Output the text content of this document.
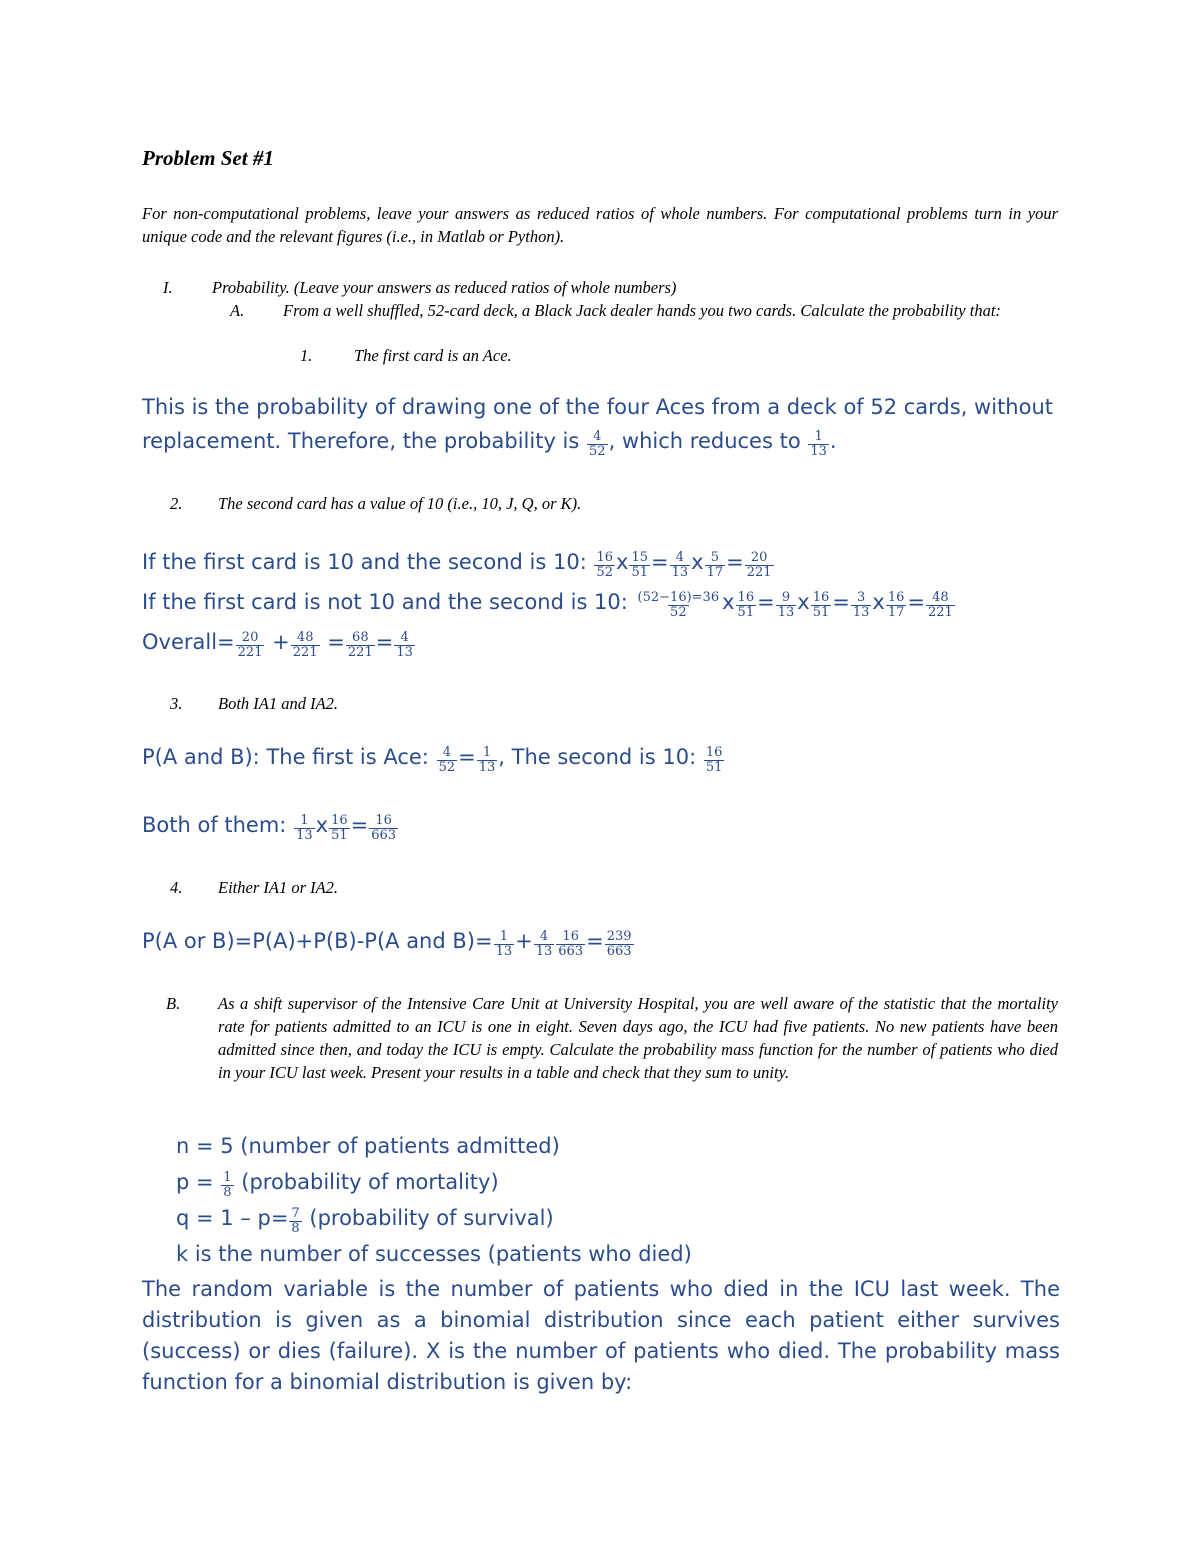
Problem Set #1
For non-computational problems, leave your answers as reduced ratios of whole numbers. For computational problems turn in your unique code and the relevant figures (i.e., in Matlab or Python).
I. Probability. (Leave your answers as reduced ratios of whole numbers)
A. From a well shuffled, 52-card deck, a Black Jack dealer hands you two cards. Calculate the probability that:
1.	The first card is an Ace.
This is the probability of drawing one of the four Aces from a deck of 52 cards, without
replacement. Therefore, the probability is $\frac{4}{52}$ , which reduces to $\frac{1}{13}$ .
2. The second card has a value of 10 (i.e., 10, J, Q, or K).
If the first card is 10 and the second is 10: $\frac{16}{52}$ x $\frac{15}{51} = \frac{4}{13}$ x $\frac{5}{17} = \frac{20}{221}$
If the first card is not 10 and the second is 10: $\frac{(52-16)=36}{52}$ x $\frac{16}{51} = \frac{9}{13}$ x $\frac{16}{51} = \frac{3}{13}$ x $\frac{16}{17} = \frac{48}{221}$
Overall= $\frac{20}{221} + \frac{48}{221} = \frac{68}{221} = \frac{4}{13}$
3. Both IA1 and IA2.
P(A and B): The first is Ace: $\frac{4}{52} = \frac{1}{13}$ , The second is 10: $\frac{16}{51}$
Both of them: $\frac{1}{13}$ x $\frac{16}{51} = \frac{16}{663}$
4. Either IA1 or IA2.
P(A or B)=P(A)+P(B)-P(A and $B)= \frac{1}{13} + \frac{4}{13} \frac{16}{663} = \frac{239}{663}$
B. As a shift supervisor of the Intensive Care Unit at University Hospital, you are well aware of the statistic that the mortality rate for patients admitted to an ICU is one in eight. Seven days ago, the ICU had five patients. No new patients have been admitted since then, and today the ICU is empty. Calculate the probability mass function for the number of patients who died in your ICU last week. Present your results in a table and check that they sum to unity.
n = 5 (number of patients admitted)
$p = \frac{1}{8}$ (probability of mortality)
$q = 1 - p= \frac{7}{8}$ (probability of survival)
k is the number of successes (patients who died)
The random variable is the number of patients who died in the ICU last week. The distribution is given as a binomial distribution since each patient either survives (success) or dies (failure). X is the number of patients who died. The probability mass function for a binomial distribution is given by:
